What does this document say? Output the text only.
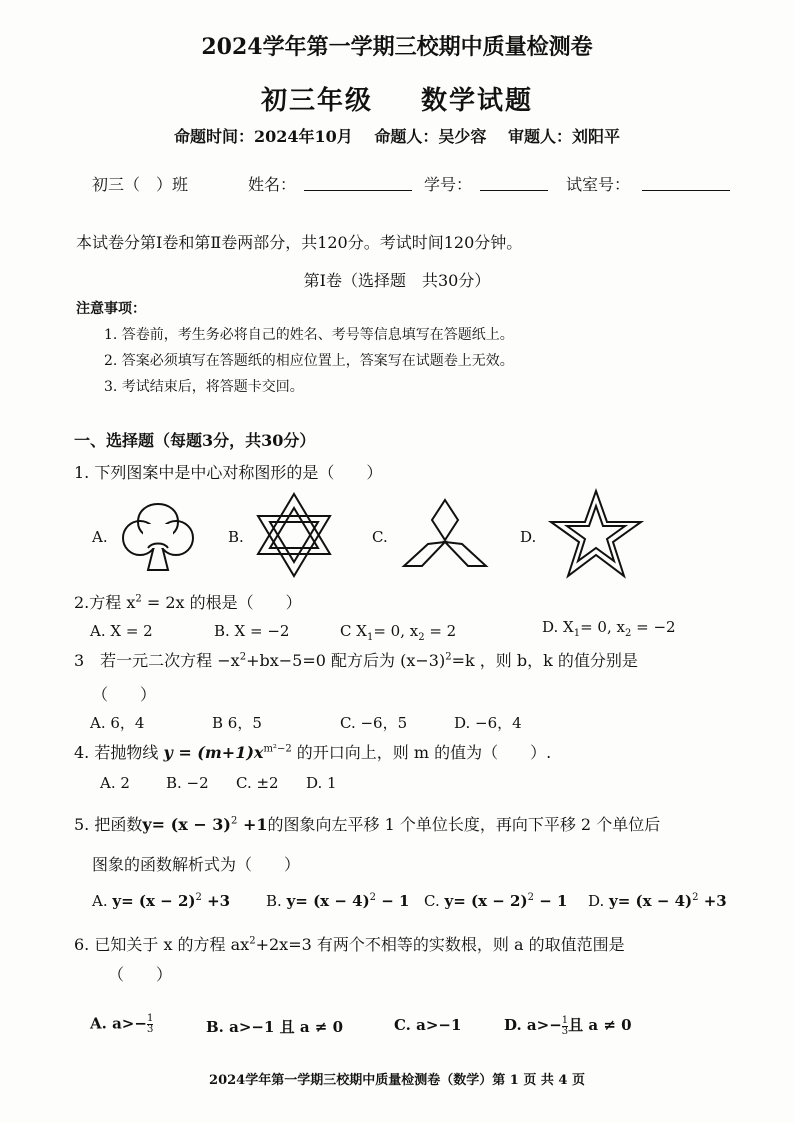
2024学年第一学期三校期中质量检测卷
初三年级 数学试题
命题时间：2024年10月 命题人：吴少容 审题人：刘阳平
初三（　）班	姓名：	学号：	试室号：
本试卷分第Ⅰ卷和第Ⅱ卷两部分，共120分。考试时间120分钟。
第Ⅰ卷（选择题　共30分）
注意事项：
1. 答卷前，考生务必将自己的姓名、考号等信息填写在答题纸上。
2. 答案必须填写在答题纸的相应位置上，答案写在试题卷上无效。
3. 考试结束后，将答题卡交回。
一、选择题（每题3分，共30分）
1. 下列图案中是中心对称图形的是（　　）
A.	B.	C.	D.
2.方程 $x^2 = 2x$ 的根是（　　）
A. X = 2	B. X = −2	C $X_1= 0$, $x_2 = 2$	D. $X_1= 0$, $x_2 = -2$
3　若一元二次方程 $-x^2+bx-5=0$ 配方后为 $(x-3)^2=k$ ，则 b，k 的值分别是
（　　）
A. 6，4	B 6，5	C. −6，5	D. −6，4
4. 若抛物线 $y = (m+1)x^{m^2-2}$ 的开口向上，则 m 的值为（　　）.
A. 2 B. −2 C. ±2 D. 1
5. 把函数$y= (x - 3)^2 +1$的图象向左平移 1 个单位长度，再向下平移 2 个单位后
图象的函数解析式为（　　）
A. $y= (x - 2)^2 +3$ B. $y= (x - 4)^2 - 1$ C. $y= (x - 2)^2 - 1$ D. $y= (x - 4)^2 +3$
6. 已知关于 x 的方程 $ax^2+2x=3$ 有两个不相等的实数根，则 a 的取值范围是
（　　）
A. $a>- \frac{1}{3}$	B. a>−1 且 a ≠ 0	C. a>−1	D. $a>- \frac{1}{3}$ 且 a ≠ 0
2024学年第一学期三校期中质量检测卷（数学）第 1 页 共 4 页
